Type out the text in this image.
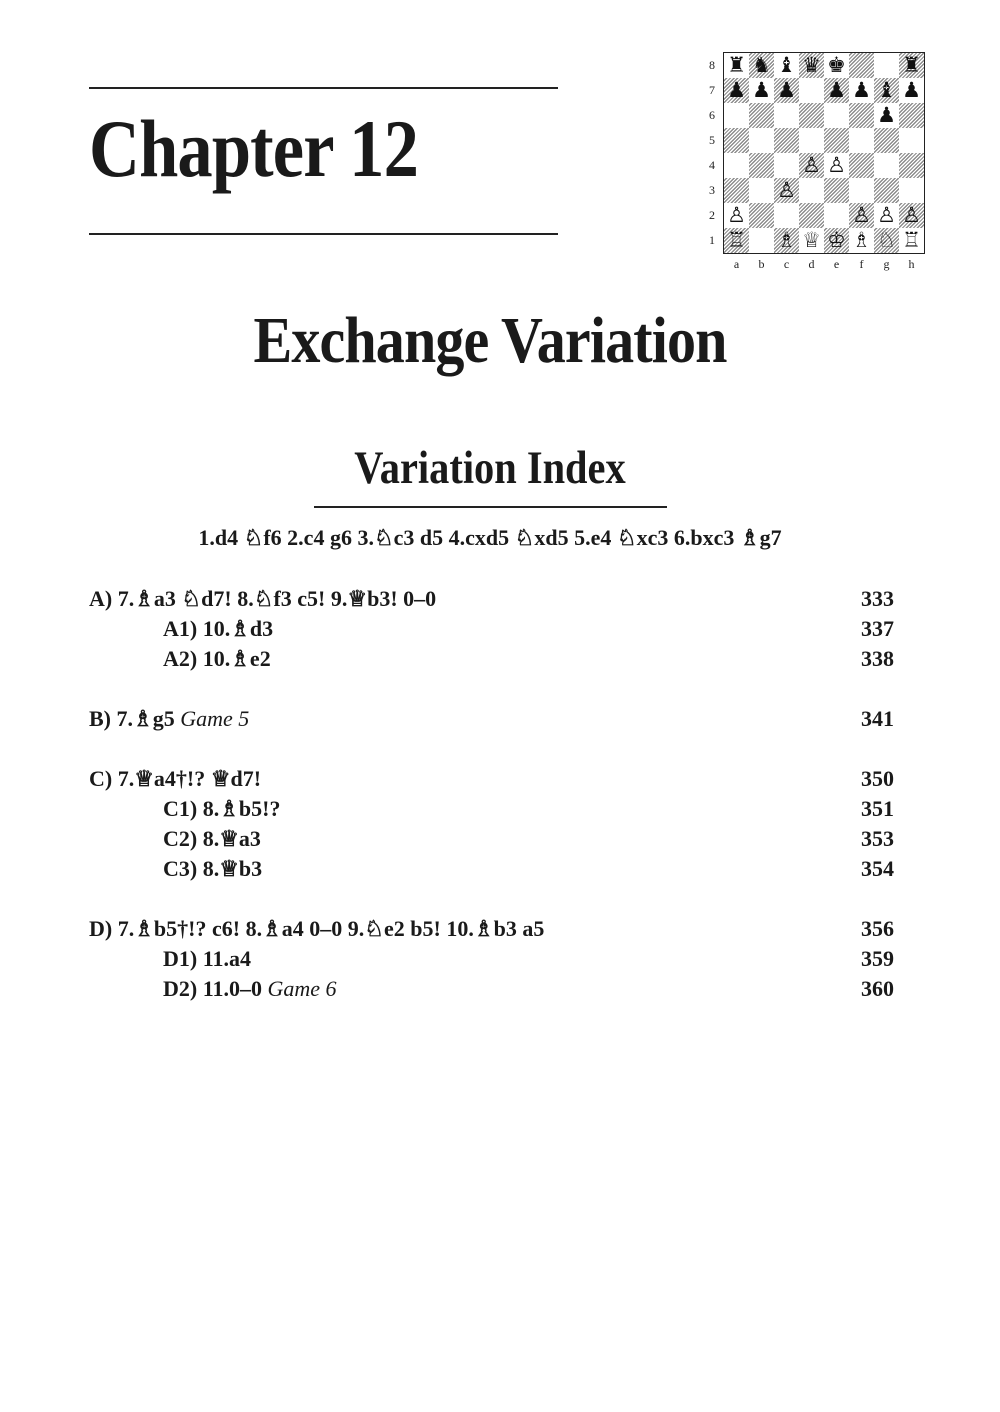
Chapter 12
♜ ♞ ♝ ♛ ♚	♜
♟ ♟ ♟ ♟ ♟ ♝ ♟
♟
♙ ♙
♙
♙	♙ ♙ ♙
♖ ♗ ♕ ♔ ♗ ♘ ♖
8
7
6
5
4
3
2
1
a	b	c	d	e	f	g	h
Exchange Variation
Variation Index
1.d4 ♘f6 2.c4 g6 3.♘c3 d5 4.cxd5 ♘xd5 5.e4 ♘xc3 6.bxc3 ♗g7
A) 7.♗a3 ♘d7! 8.♘f3 c5! 9.♕b3! 0–0	333
A1) 10.♗d3	337
A2) 10.♗e2	338
B) 7.♗g5 Game 5	341
C) 7.♕a4†!? ♕d7!	350
C1) 8.♗b5!?	351
C2) 8.♕a3	353
C3) 8.♕b3	354
D) 7.♗b5†!? c6! 8.♗a4 0–0 9.♘e2 b5! 10.♗b3 a5	356
D1) 11.a4	359
D2) 11.0–0 Game 6	360
